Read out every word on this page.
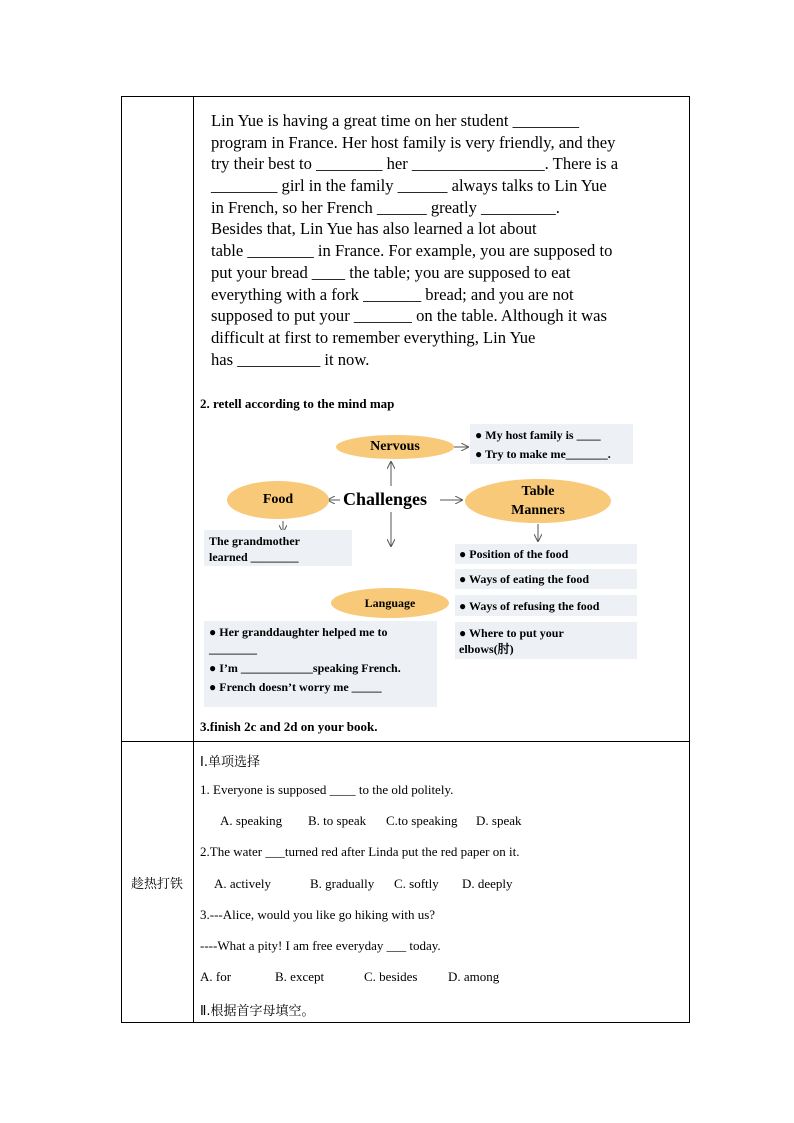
Lin Yue is having a great time on her student ________
program in France. Her host family is very friendly, and they
try their best to ________ her ________________. There is a
________ girl in the family ______ always talks to Lin Yue
in French, so her French ______ greatly _________.
Besides that, Lin Yue has also learned a lot about
table ________ in France. For example, you are supposed to
put your bread ____ the table; you are supposed to eat
everything with a fork _______ bread; and you are not
supposed to put your _______ on the table. Although it was
difficult at first to remember everything, Lin Yue
has __________ it now.
2. retell according to the mind map
Nervous
● My host family is ____
● Try to make me_______.
Food	Challenges	Table
Manners
The grandmother
learned ________	● Position of the food
● Ways of eating the food
● Ways of refusing the food
● Where to put your
elbows(肘)
Language
● Her granddaughter helped me to
________
● I’m ____________speaking French.
● French doesn’t worry me _____
3.finish 2c and 2d on your book.
趁热打铁
Ⅰ.单项选择
1. Everyone is supposed ____ to the old politely.
A. speaking B. to speak C.to speaking D. speak
2.The water ___turned red after Linda put the red paper on it.
A. actively	B. gradually C. softly D. deeply
3.---Alice, would you like go hiking with us?
----What a pity! I am free everyday ___ today.
A. for	B. except	C. besides D. among
Ⅱ.根据首字母填空。
